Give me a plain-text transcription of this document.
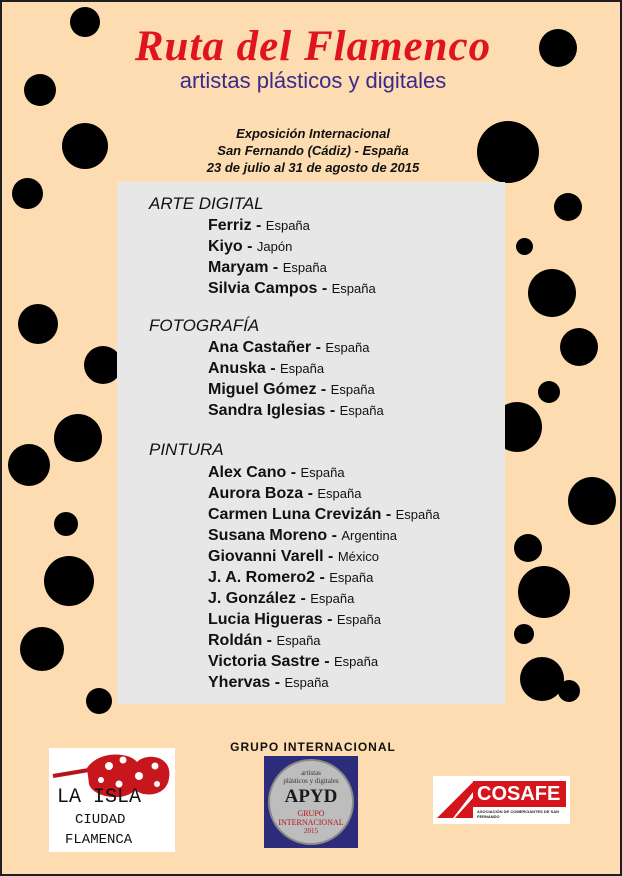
Ruta del Flamenco
artistas plásticos y digitales
Exposición Internacional
San Fernando (Cádiz) - España
23 de julio al 31 de agosto de 2015
ARTE DIGITAL
Ferriz - España
Kiyo - Japón
Maryam - España
Silvia Campos - España
FOTOGRAFÍA
Ana Castañer - España
Anuska - España
Miguel Gómez - España
Sandra Iglesias - España
PINTURA
Alex Cano - España
Aurora Boza - España
Carmen Luna Crevizán - España
Susana Moreno - Argentina
Giovanni Varell - México
J. A. Romero2 - España
J. González - España
Lucia Higueras - España
Roldán - España
Victoria Sastre - España
Yhervas - España
GRUPO INTERNACIONAL
LA ISLA
CIUDAD
FLAMENCA
artistas
plásticos y digitales
APYD
GRUPO
INTERNACIONAL
2015
COSAFE
ASOCIACIÓN DE COMERCIANTES DE SAN FERNANDO
